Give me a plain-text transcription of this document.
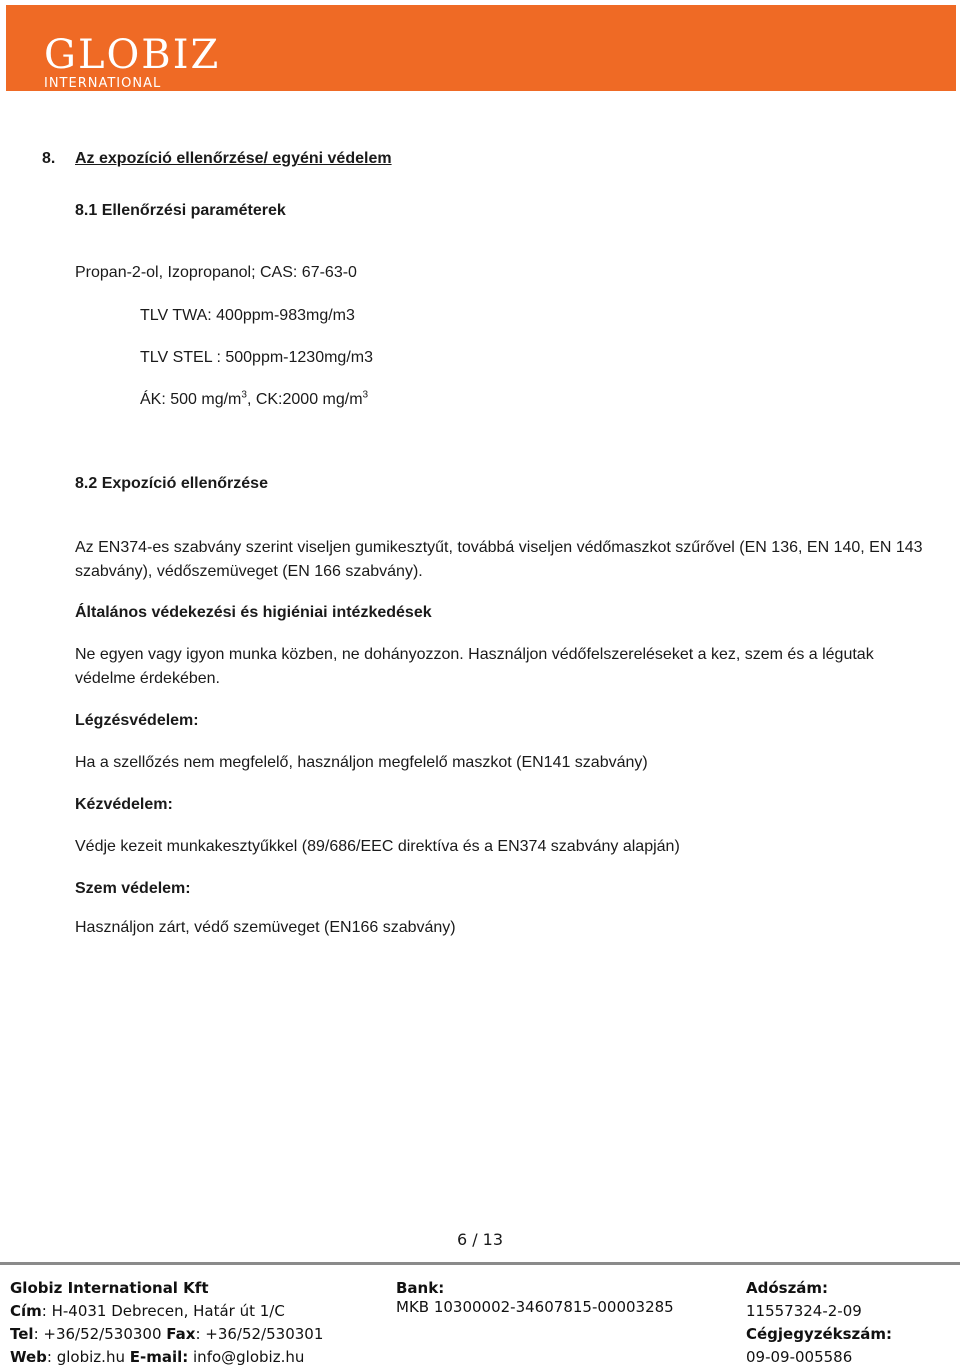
GLOBIZ
INTERNATIONAL
8. Az expozíció ellenőrzése/ egyéni védelem
8.1 Ellenőrzési paraméterek
Propan-2-ol, Izopropanol; CAS: 67-63-0
TLV TWA: 400ppm-983mg/m3
TLV STEL : 500ppm-1230mg/m3
ÁK: 500 $mg/m^3$, CK:2000 $mg/m^3$
8.2 Expozíció ellenőrzése
Az EN374-es szabvány szerint viseljen gumikesztyűt, továbbá viseljen védőmaszkot szűrővel (EN 136, EN 140, EN 143 szabvány), védőszemüveget (EN 166 szabvány).
Általános védekezési és higiéniai intézkedések
Ne egyen vagy igyon munka közben, ne dohányozzon. Használjon védőfelszereléseket a kez, szem és a légutak védelme érdekében.
Légzésvédelem:
Ha a szellőzés nem megfelelő, használjon megfelelő maszkot (EN141 szabvány)
Kézvédelem:
Védje kezeit munkakesztyűkkel (89/686/EEC direktíva és a EN374 szabvány alapján)
Szem védelem:
Használjon zárt, védő szemüveget (EN166 szabvány)
6 / 13
Globiz International Kft
Cím: H-4031 Debrecen, Határ út 1/C
Tel: +36/52/530300 Fax: +36/52/530301
Web: globiz.hu E-mail: info@globiz.hu
Bank:
MKB 10300002-34607815-00003285
Adószám:
11557324-2-09
Cégjegyzékszám:
09-09-005586
